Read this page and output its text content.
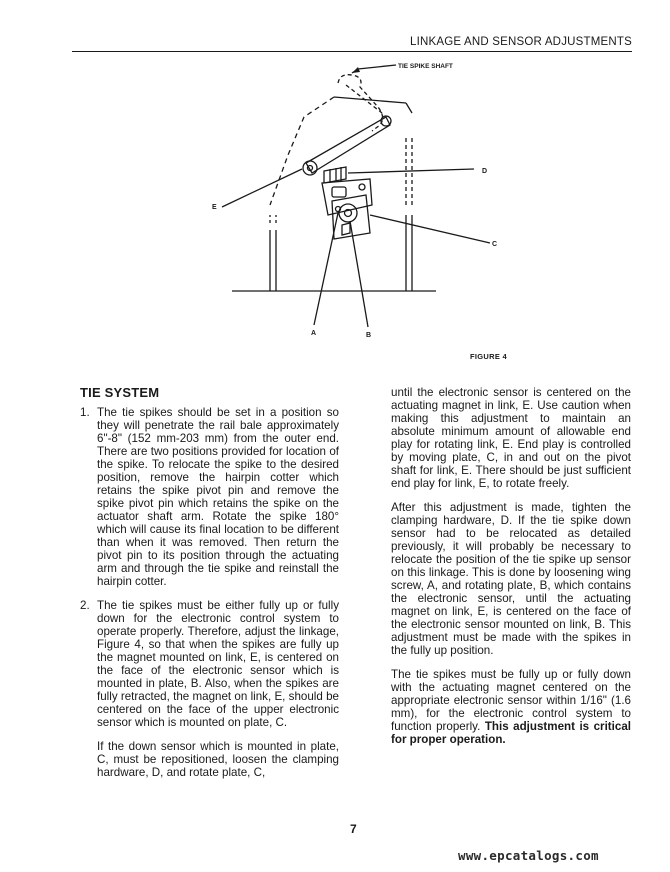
LINKAGE AND SENSOR ADJUSTMENTS
TIE SPIKE SHAFT
D
E
C
A	B
FIGURE 4
TIE SYSTEM
1. The tie spikes should be set in a position so they will penetrate the rail bale approximately 6"-8" (152 mm-203 mm) from the outer end. There are two positions provided for location of the spike. To relocate the spike to the desired position, remove the hairpin cotter which retains the spike pivot pin and remove the spike pivot pin which retains the spike on the actuator shaft arm. Rotate the spike 180° which will cause its final location to be different than when it was removed. Then return the pivot pin to its position through the actuating arm and through the tie spike and reinstall the hairpin cotter.
2. The tie spikes must be either fully up or fully down for the electronic control system to operate properly. Therefore, adjust the linkage, Figure 4, so that when the spikes are fully up the magnet mounted on link, E, is centered on the face of the electronic sensor which is mounted in plate, B. Also, when the spikes are fully retracted, the magnet on link, E, should be centered on the face of the upper electronic sensor which is mounted on plate, C.

If the down sensor which is mounted in plate, C, must be repositioned, loosen the clamping hardware, D, and rotate plate, C,

until the electronic sensor is centered on the actuating magnet in link, E. Use caution when making this adjustment to maintain an absolute minimum amount of allowable end play for rotating link, E. End play is controlled by moving plate, C, in and out on the pivot shaft for link, E. There should be just sufficient end play for link, E, to rotate freely.

After this adjustment is made, tighten the clamping hardware, D. If the tie spike down sensor had to be relocated as detailed previously, it will probably be necessary to relocate the position of the tie spike up sensor on this linkage. This is done by loosening wing screw, A, and rotating plate, B, which contains the electronic sensor, until the actuating magnet on link, E, is centered on the face of the electronic sensor mounted on link, B. This adjustment must be made with the spikes in the fully up position.

The tie spikes must be fully up or fully down with the actuating magnet centered on the appropriate electronic sensor within 1/16" (1.6 mm), for the electronic control system to function properly. This adjustment is critical for proper operation.

7
www.epcatalogs.com
